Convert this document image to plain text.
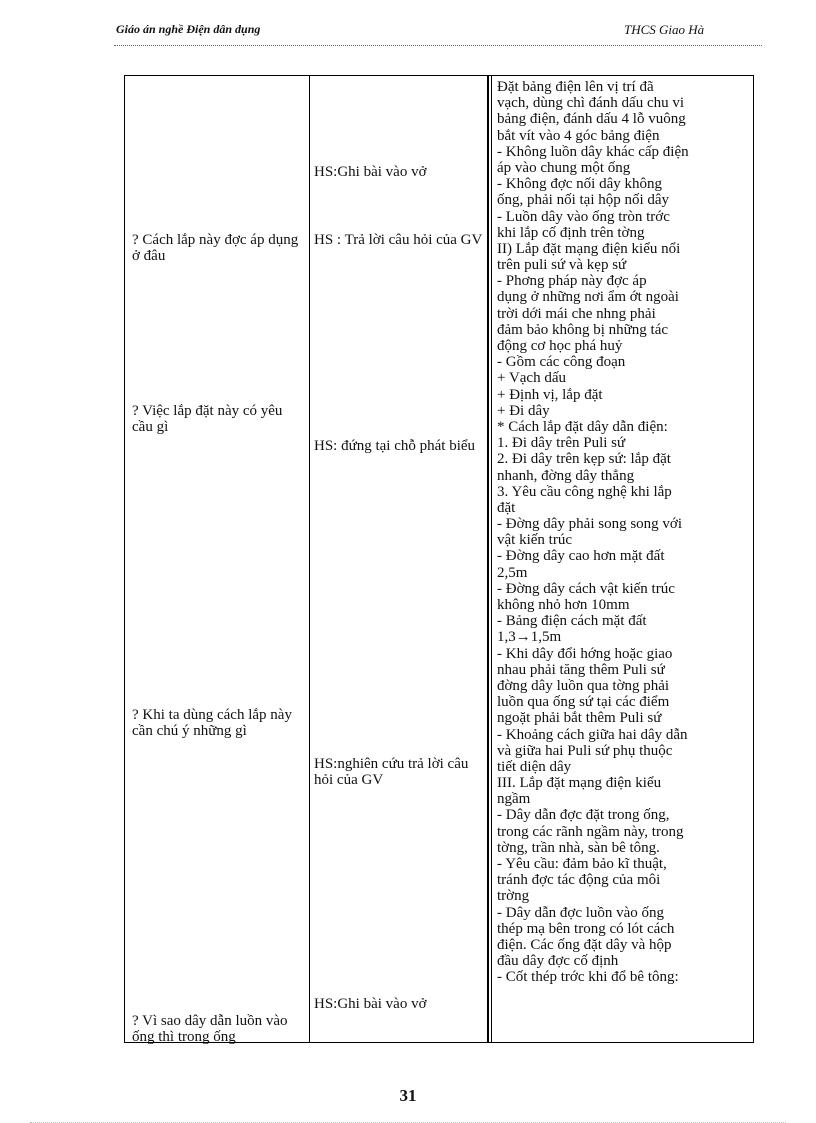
Giáo án nghề Điện dân dụng	THCS Giao Hà
? Cách lắp này đợc áp dụng ở đâu
? Việc lắp đặt này có yêu cầu gì
? Khi ta dùng cách lắp này cần chú ý những gì
? Vì sao dây dẫn luồn vào ống thì trong ống
HS:Ghi bài vào vở
HS : Trả lời câu hỏi của GV
HS: đứng tại chỗ phát biểu
HS:nghiên cứu trả lời câu hỏi của GV
HS:Ghi bài vào vở
Đặt bảng điện lên vị trí đã
vạch, dùng chì đánh dấu chu vi
bảng điện, đánh dấu 4 lỗ vuông
bắt vít vào 4 góc bảng điện
- Không luồn dây khác cấp điện
áp vào chung một ống
- Không đợc nối dây không
ống, phải nối tại hộp nối dây
- Luồn dây vào ống tròn trớc
khi lắp cố định trên tờng
II) Lắp đặt mạng điện kiểu nổi
trên puli sứ và kẹp sứ
- Phơng pháp này đợc áp
dụng ở những nơi ẩm ớt ngoài
trời dới mái che nhng phải
đảm bảo không bị những tác
động cơ học phá huỷ
- Gồm các công đoạn
+ Vạch dấu
+ Định vị, lắp đặt
+ Đi dây
* Cách lắp đặt dây dẫn điện:
1. Đi dây trên Puli sứ
2. Đi dây trên kẹp sứ: lắp đặt
nhanh, đờng dây thẳng
3. Yêu cầu công nghệ khi lắp
đặt
- Đờng dây phải song song với
vật kiến trúc
- Đờng dây cao hơn mặt đất
2,5m
- Đờng dây cách vật kiến trúc
không nhỏ hơn 10mm
- Bảng điện cách mặt đất
1,3→1,5m
- Khi dây đổi hớng hoặc giao
nhau phải tăng thêm Puli sứ
đờng dây luồn qua tờng phải
luồn qua ống sứ tại các điểm
ngoặt phải bắt thêm Puli sứ
- Khoảng cách giữa hai dây dẫn
và giữa hai Puli sứ phụ thuộc
tiết diện dây
III. Lắp đặt mạng điện kiểu
ngầm
- Dây dẫn đợc đặt trong ống,
trong các rãnh ngầm này, trong
tờng, trần nhà, sàn bê tông.
- Yêu cầu: đảm bảo kĩ thuật,
tránh đợc tác động của môi
trờng
- Dây dẫn đợc luồn vào ống
thép mạ bên trong có lót cách
điện. Các ống đặt dây và hộp
đầu dây đợc cố định
- Cốt thép trớc khi đổ bê tông:
31
